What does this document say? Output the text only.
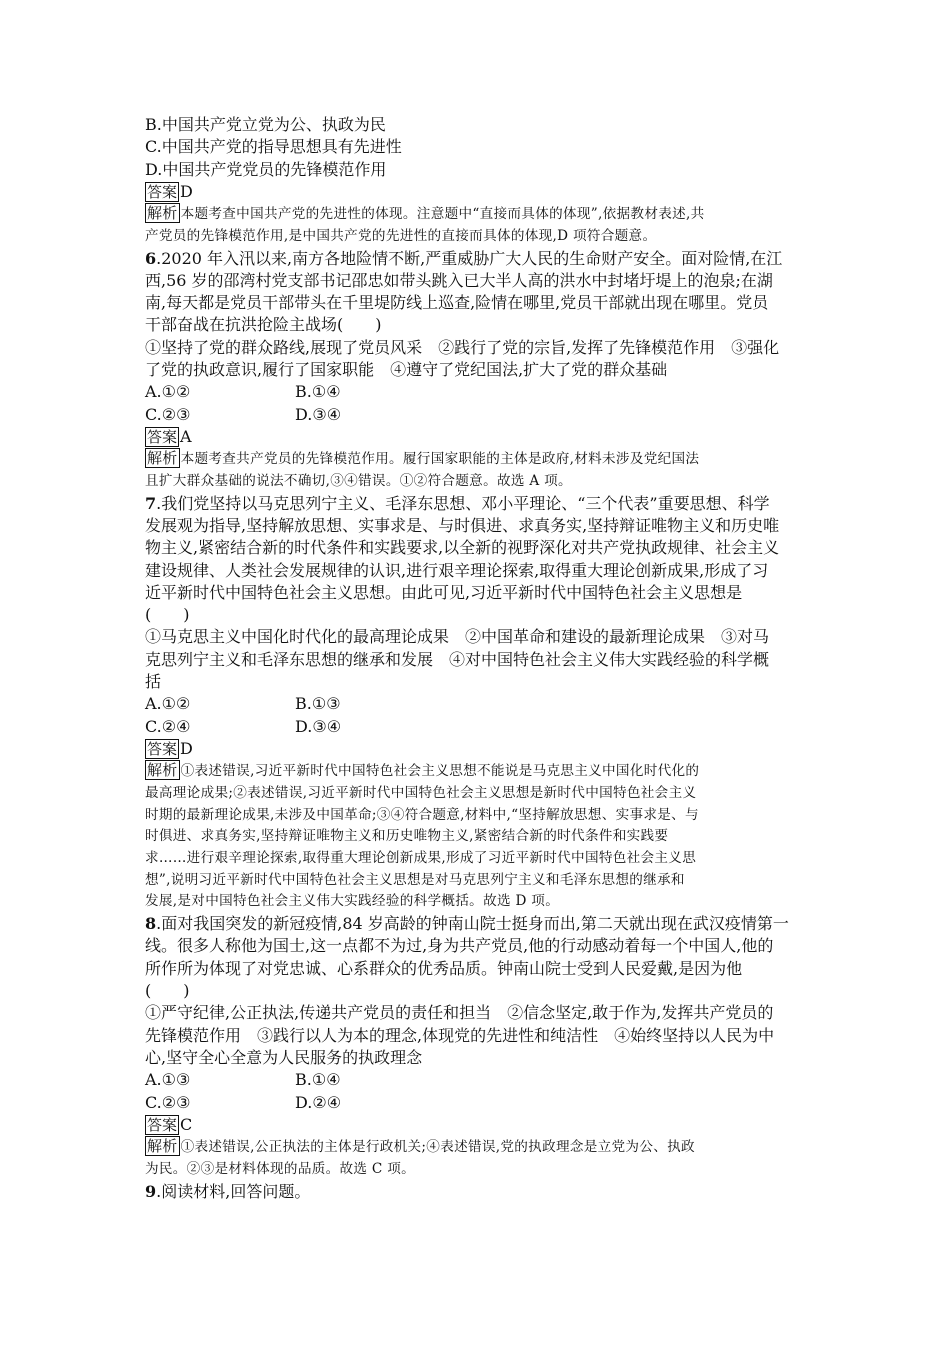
B.中国共产党立党为公、执政为民

C.中国共产党的指导思想具有先进性

D.中国共产党党员的先锋模范作用

答案 D

解析 本题考查中国共产党的先进性的体现。注意题中“直接而具体的体现”,依据教材表述,共

产党员的先锋模范作用,是中国共产党的先进性的直接而具体的体现,D 项符合题意。

6.2020 年入汛以来,南方各地险情不断,严重威胁广大人民的生命财产安全。面对险情,在江

西,56 岁的邵湾村党支部书记邵忠如带头跳入已大半人高的洪水中封堵圩堤上的泡泉;在湖

南,每天都是党员干部带头在千里堤防线上巡查,险情在哪里,党员干部就出现在哪里。党员

干部奋战在抗洪抢险主战场(　　)

①坚持了党的群众路线,展现了党员风采　②践行了党的宗旨,发挥了先锋模范作用　③强化

了党的执政意识,履行了国家职能　④遵守了党纪国法,扩大了党的群众基础

A.①②	B.①④
C.②③	D.③④

答案 A

解析 本题考查共产党员的先锋模范作用。履行国家职能的主体是政府,材料未涉及党纪国法

且扩大群众基础的说法不确切,③④错误。①②符合题意。故选 A 项。

7.我们党坚持以马克思列宁主义、毛泽东思想、邓小平理论、“三个代表”重要思想、科学

发展观为指导,坚持解放思想、实事求是、与时俱进、求真务实,坚持辩证唯物主义和历史唯

物主义,紧密结合新的时代条件和实践要求,以全新的视野深化对共产党执政规律、社会主义

建设规律、人类社会发展规律的认识,进行艰辛理论探索,取得重大理论创新成果,形成了习

近平新时代中国特色社会主义思想。由此可见,习近平新时代中国特色社会主义思想是

(　　)

①马克思主义中国化时代化的最高理论成果　②中国革命和建设的最新理论成果　③对马

克思列宁主义和毛泽东思想的继承和发展　④对中国特色社会主义伟大实践经验的科学概

括

A.①②	B.①③
C.②④	D.③④

答案 D

解析 ①表述错误,习近平新时代中国特色社会主义思想不能说是马克思主义中国化时代化的

最高理论成果;②表述错误,习近平新时代中国特色社会主义思想是新时代中国特色社会主义

时期的最新理论成果,未涉及中国革命;③④符合题意,材料中,“坚持解放思想、实事求是、与

时俱进、求真务实,坚持辩证唯物主义和历史唯物主义,紧密结合新的时代条件和实践要

求……进行艰辛理论探索,取得重大理论创新成果,形成了习近平新时代中国特色社会主义思

想”,说明习近平新时代中国特色社会主义思想是对马克思列宁主义和毛泽东思想的继承和

发展,是对中国特色社会主义伟大实践经验的科学概括。故选 D 项。

8.面对我国突发的新冠疫情,84 岁高龄的钟南山院士挺身而出,第二天就出现在武汉疫情第一

线。很多人称他为国士,这一点都不为过,身为共产党员,他的行动感动着每一个中国人,他的

所作所为体现了对党忠诚、心系群众的优秀品质。钟南山院士受到人民爱戴,是因为他

(　　)

①严守纪律,公正执法,传递共产党员的责任和担当　②信念坚定,敢于作为,发挥共产党员的

先锋模范作用　③践行以人为本的理念,体现党的先进性和纯洁性　④始终坚持以人民为中

心,坚守全心全意为人民服务的执政理念

A.①③	B.①④
C.②③	D.②④

答案 C

解析 ①表述错误,公正执法的主体是行政机关;④表述错误,党的执政理念是立党为公、执政

为民。②③是材料体现的品质。故选 C 项。

9.阅读材料,回答问题。
